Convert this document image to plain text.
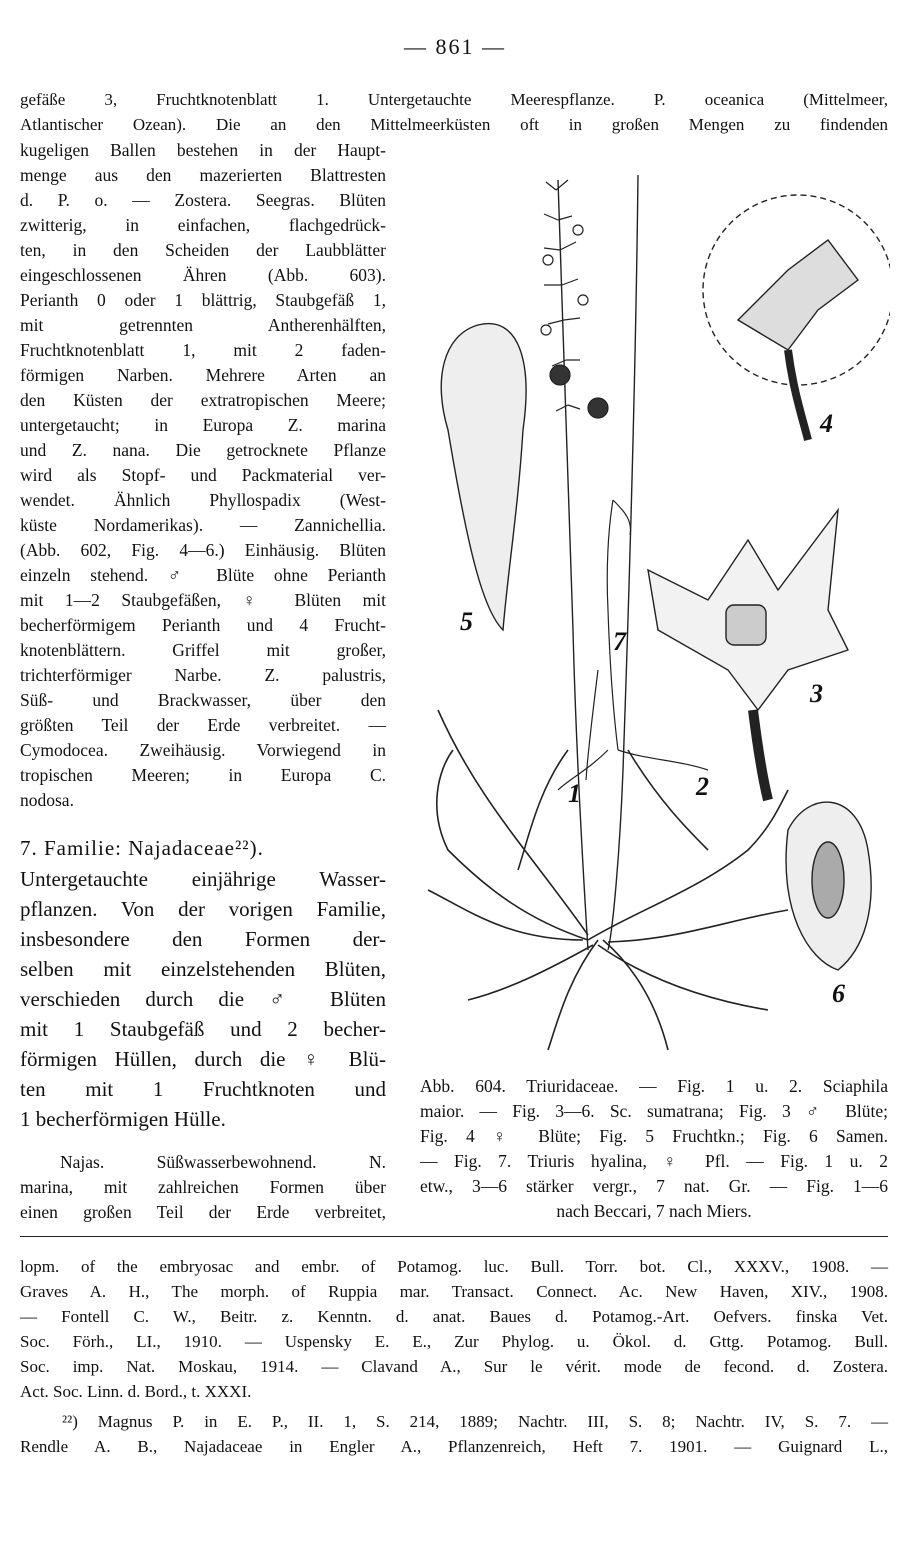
— 861 —
gefäße 3, Fruchtknotenblatt 1. Untergetauchte Meerespflanze. P. oceanica (Mittelmeer,
Atlantischer Ozean). Die an den Mittelmeerküsten oft in großen Mengen zu findenden
kugeligen Ballen bestehen in der Haupt-
menge aus den mazerierten Blattresten
d. P. o. — Zostera. Seegras. Blüten
zwitterig, in einfachen, flachgedrück-
ten, in den Scheiden der Laubblätter
eingeschlossenen Ähren (Abb. 603).
Perianth 0 oder 1 blättrig, Staubgefäß 1,
mit getrennten Antherenhälften,
Fruchtknotenblatt 1, mit 2 faden-
förmigen Narben. Mehrere Arten an
den Küsten der extratropischen Meere;
untergetaucht; in Europa Z. marina
und Z. nana. Die getrocknete Pflanze
wird als Stopf- und Packmaterial ver-
wendet. Ähnlich Phyllospadix (West-
küste Nordamerikas). — Zannichellia.
(Abb. 602, Fig. 4—6.) Einhäusig. Blüten
einzeln stehend. ♂ Blüte ohne Perianth
mit 1—2 Staubgefäßen, ♀ Blüten mit
becherförmigem Perianth und 4 Frucht-
knotenblättern. Griffel mit großer,
trichterförmiger Narbe. Z. palustris,
Süß- und Brackwasser, über den
größten Teil der Erde verbreitet. —
Cymodocea. Zweihäusig. Vorwiegend in
tropischen Meeren; in Europa C.
nodosa.
7. Familie: Najadaceae²²).
Untergetauchte einjährige Wasser-
pflanzen. Von der vorigen Familie,
insbesondere den Formen der-
selben mit einzelstehenden Blüten,
verschieden durch die ♂ Blüten
mit 1 Staubgefäß und 2 becher-
förmigen Hüllen, durch die ♀ Blü-
ten mit 1 Fruchtknoten und
1 becherförmigen Hülle.
Najas. Süßwasserbewohnend. N.
marina, mit zahlreichen Formen über
einen großen Teil der Erde verbreitet,
1	2
3
4
5
6
7
Abb. 604. Triuridaceae. — Fig. 1 u. 2. Sciaphila
maior. — Fig. 3—6. Sc. sumatrana; Fig. 3 ♂ Blüte;
Fig. 4 ♀ Blüte; Fig. 5 Fruchtkn.; Fig. 6 Samen.
— Fig. 7. Triuris hyalina, ♀ Pfl. — Fig. 1 u. 2
etw., 3—6 stärker vergr., 7 nat. Gr. — Fig. 1—6
nach Beccari, 7 nach Miers.
lopm. of the embryosac and embr. of Potamog. luc. Bull. Torr. bot. Cl., XXXV., 1908. —
Graves A. H., The morph. of Ruppia mar. Transact. Connect. Ac. New Haven, XIV., 1908.
— Fontell C. W., Beitr. z. Kenntn. d. anat. Baues d. Potamog.-Art. Oefvers. finska Vet.
Soc. Förh., LI., 1910. — Uspensky E. E., Zur Phylog. u. Ökol. d. Gttg. Potamog. Bull.
Soc. imp. Nat. Moskau, 1914. — Clavand A., Sur le vérit. mode de fecond. d. Zostera.
Act. Soc. Linn. d. Bord., t. XXXI.
²²) Magnus P. in E. P., II. 1, S. 214, 1889; Nachtr. III, S. 8; Nachtr. IV, S. 7. —
Rendle A. B., Najadaceae in Engler A., Pflanzenreich, Heft 7. 1901. — Guignard L.,
